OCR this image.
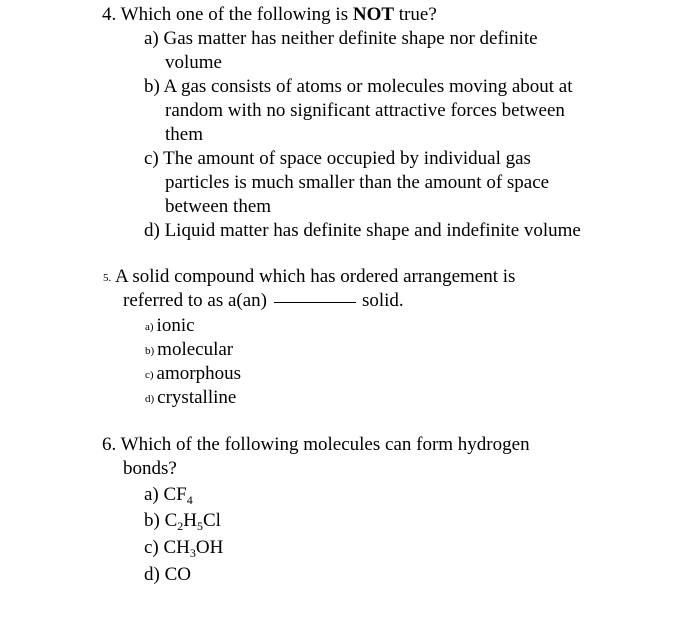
4. Which one of the following is NOT true?
a) Gas matter has neither definite shape nor definite
volume
b) A gas consists of atoms or molecules moving about at
random with no significant attractive forces between
them
c) The amount of space occupied by individual gas
particles is much smaller than the amount of space
between them
d) Liquid matter has definite shape and indefinite volume
5. A solid compound which has ordered arrangement is
referred to as a(an)	solid.
a) ionic
b) molecular
c) amorphous
d) crystalline
6. Which of the following molecules can form hydrogen
bonds?
a) $CF_4$
b) $C_2H_5Cl$
c) $CH_3OH$
d) CO
